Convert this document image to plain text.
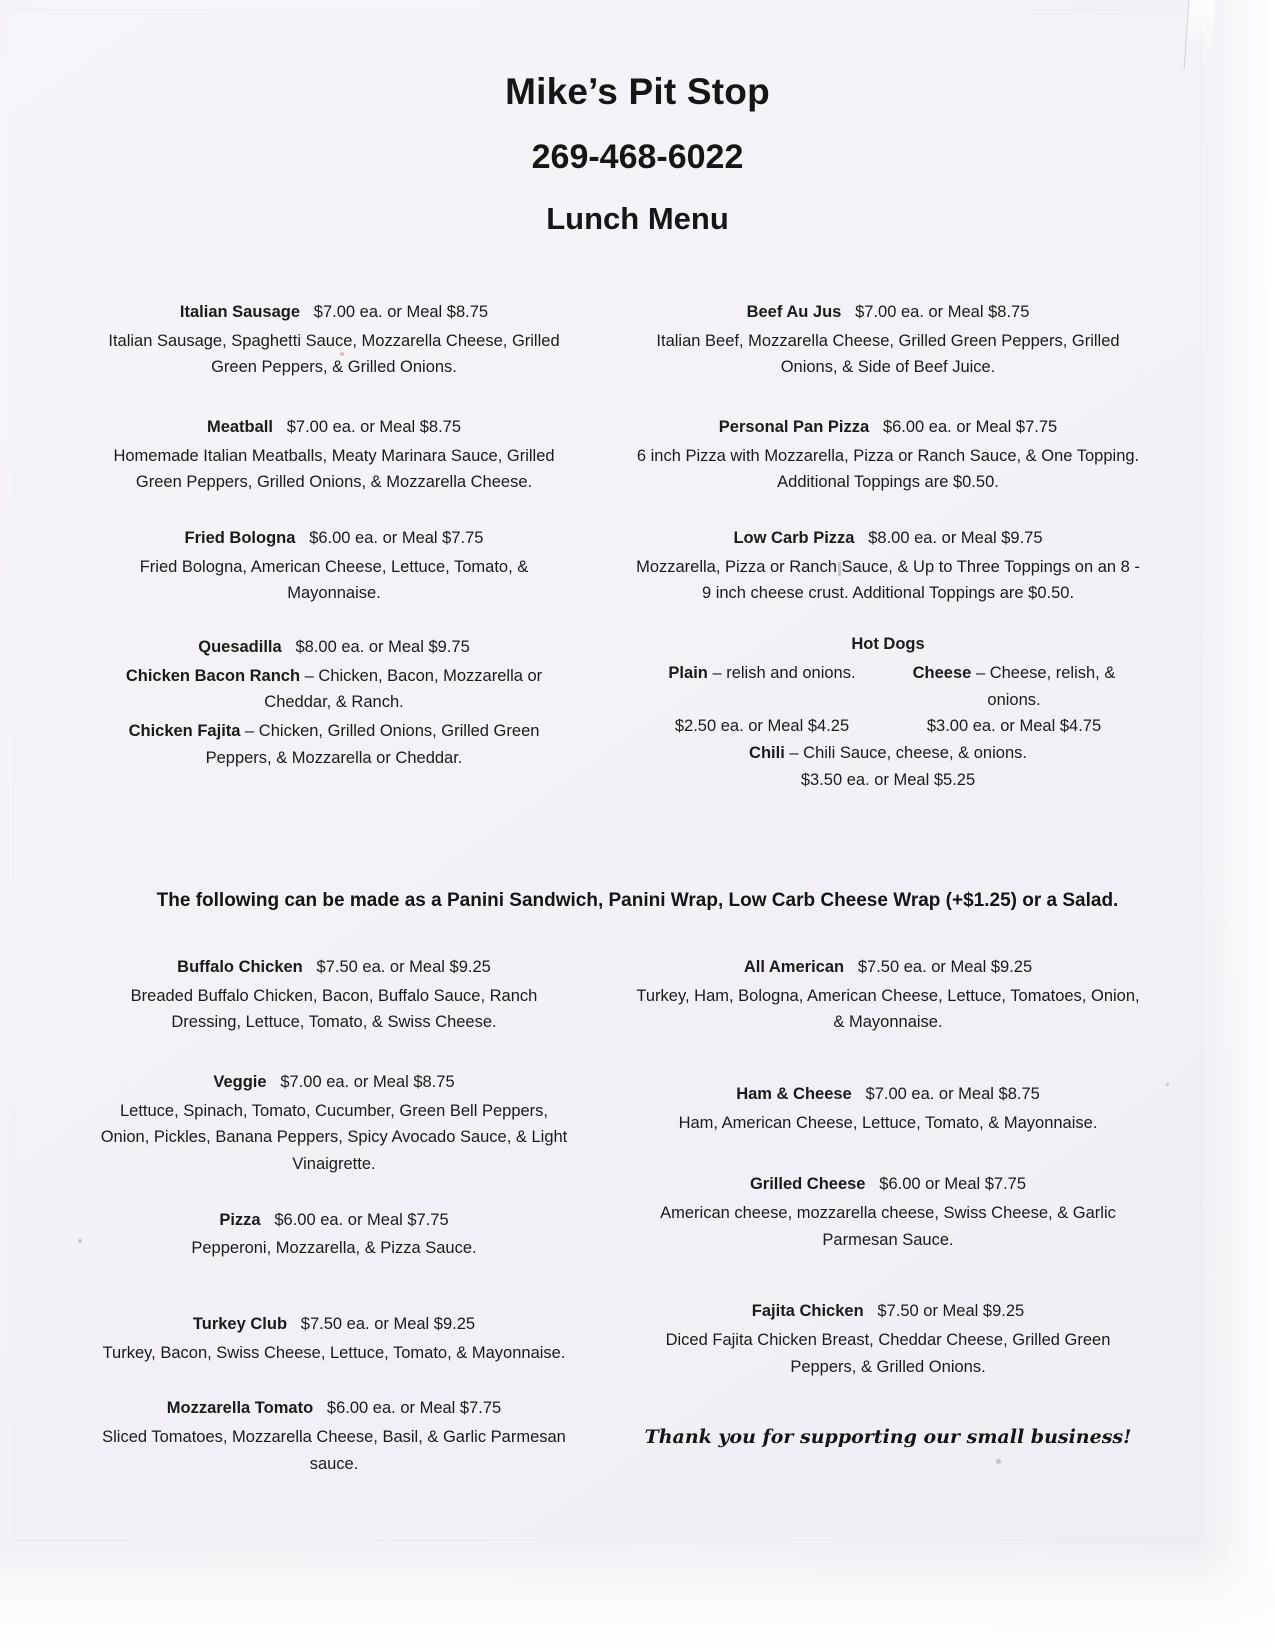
Mike’s Pit Stop
269-468-6022
Lunch Menu
Italian Sausage $7.00 ea. or Meal $8.75
Italian Sausage, Spaghetti Sauce, Mozzarella Cheese, Grilled Green Peppers, & Grilled Onions.
Meatball $7.00 ea. or Meal $8.75
Homemade Italian Meatballs, Meaty Marinara Sauce, Grilled Green Peppers, Grilled Onions, & Mozzarella Cheese.
Fried Bologna $6.00 ea. or Meal $7.75
Fried Bologna, American Cheese, Lettuce, Tomato, & Mayonnaise.
Quesadilla $8.00 ea. or Meal $9.75
Chicken Bacon Ranch – Chicken, Bacon, Mozzarella or Cheddar, & Ranch.
Chicken Fajita – Chicken, Grilled Onions, Grilled Green Peppers, & Mozzarella or Cheddar.
Beef Au Jus $7.00 ea. or Meal $8.75
Italian Beef, Mozzarella Cheese, Grilled Green Peppers, Grilled Onions, & Side of Beef Juice.
Personal Pan Pizza $6.00 ea. or Meal $7.75
6 inch Pizza with Mozzarella, Pizza or Ranch Sauce, & One Topping. Additional Toppings are $0.50.
Low Carb Pizza $8.00 ea. or Meal $9.75
Mozzarella, Pizza or Ranch Sauce, & Up to Three Toppings on an 8 - 9 inch cheese crust. Additional Toppings are $0.50.
Hot Dogs
Plain – relish and onions.	Cheese – Cheese, relish, & onions.
$2.50 ea. or Meal $4.25	$3.00 ea. or Meal $4.75
Chili – Chili Sauce, cheese, & onions.
$3.50 ea. or Meal $5.25
The following can be made as a Panini Sandwich, Panini Wrap, Low Carb Cheese Wrap (+$1.25) or a Salad.
Buffalo Chicken $7.50 ea. or Meal $9.25
Breaded Buffalo Chicken, Bacon, Buffalo Sauce, Ranch Dressing, Lettuce, Tomato, & Swiss Cheese.
Veggie $7.00 ea. or Meal $8.75
Lettuce, Spinach, Tomato, Cucumber, Green Bell Peppers, Onion, Pickles, Banana Peppers, Spicy Avocado Sauce, & Light Vinaigrette.
Pizza $6.00 ea. or Meal $7.75
Pepperoni, Mozzarella, & Pizza Sauce.
Turkey Club $7.50 ea. or Meal $9.25
Turkey, Bacon, Swiss Cheese, Lettuce, Tomato, & Mayonnaise.
Mozzarella Tomato $6.00 ea. or Meal $7.75
Sliced Tomatoes, Mozzarella Cheese, Basil, & Garlic Parmesan sauce.
All American $7.50 ea. or Meal $9.25
Turkey, Ham, Bologna, American Cheese, Lettuce, Tomatoes, Onion, & Mayonnaise.
Ham & Cheese $7.00 ea. or Meal $8.75
Ham, American Cheese, Lettuce, Tomato, & Mayonnaise.
Grilled Cheese $6.00 or Meal $7.75
American cheese, mozzarella cheese, Swiss Cheese, & Garlic Parmesan Sauce.
Fajita Chicken $7.50 or Meal $9.25
Diced Fajita Chicken Breast, Cheddar Cheese, Grilled Green Peppers, & Grilled Onions.
Thank you for supporting our small business!
